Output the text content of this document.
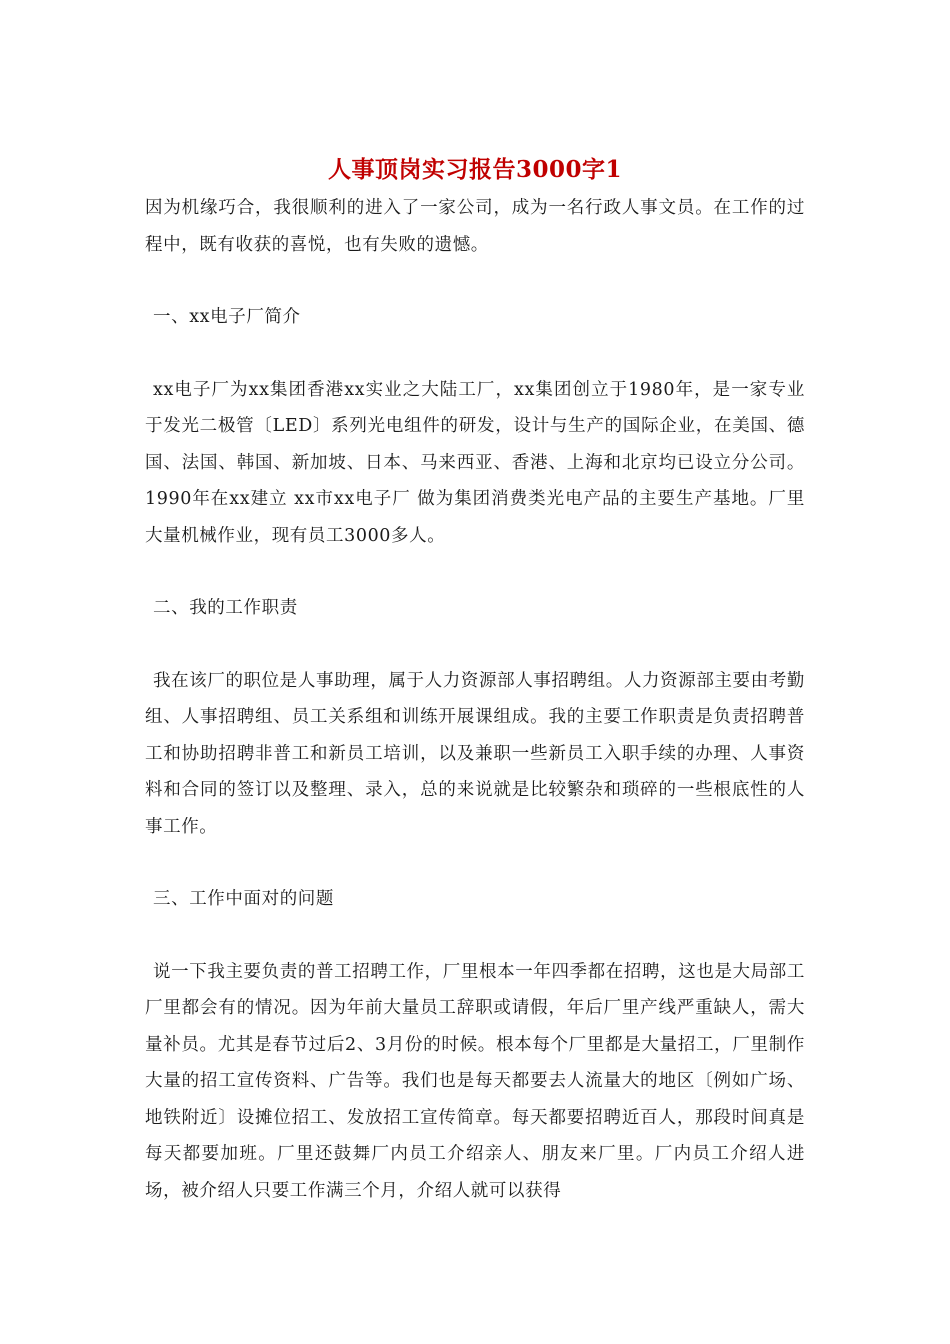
人事顶岗实习报告3000字1

因为机缘巧合，我很顺利的进入了一家公司，成为一名行政人事文员。在工作的过程中，既有收获的喜悦，也有失败的遗憾。

一、xx电子厂简介

xx电子厂为xx集团香港xx实业之大陆工厂，xx集团创立于1980年，是一家专业于发光二极管〔LED〕系列光电组件的研发，设计与生产的国际企业，在美国、德国、法国、韩国、新加坡、日本、马来西亚、香港、上海和北京均已设立分公司。1990年在xx建立 xx市xx电子厂 做为集团消费类光电产品的主要生产基地。厂里大量机械作业，现有员工3000多人。

二、我的工作职责

我在该厂的职位是人事助理，属于人力资源部人事招聘组。人力资源部主要由考勤组、人事招聘组、员工关系组和训练开展课组成。我的主要工作职责是负责招聘普工和协助招聘非普工和新员工培训，以及兼职一些新员工入职手续的办理、人事资料和合同的签订以及整理、录入，总的来说就是比较繁杂和琐碎的一些根底性的人事工作。

三、工作中面对的问题

说一下我主要负责的普工招聘工作，厂里根本一年四季都在招聘，这也是大局部工厂里都会有的情况。因为年前大量员工辞职或请假，年后厂里产线严重缺人，需大量补员。尤其是春节过后2、3月份的时候。根本每个厂里都是大量招工，厂里制作大量的招工宣传资料、广告等。我们也是每天都要去人流量大的地区〔例如广场、地铁附近〕设摊位招工、发放招工宣传简章。每天都要招聘近百人，那段时间真是每天都要加班。厂里还鼓舞厂内员工介绍亲人、朋友来厂里。厂内员工介绍人进场，被介绍人只要工作满三个月，介绍人就可以获得
